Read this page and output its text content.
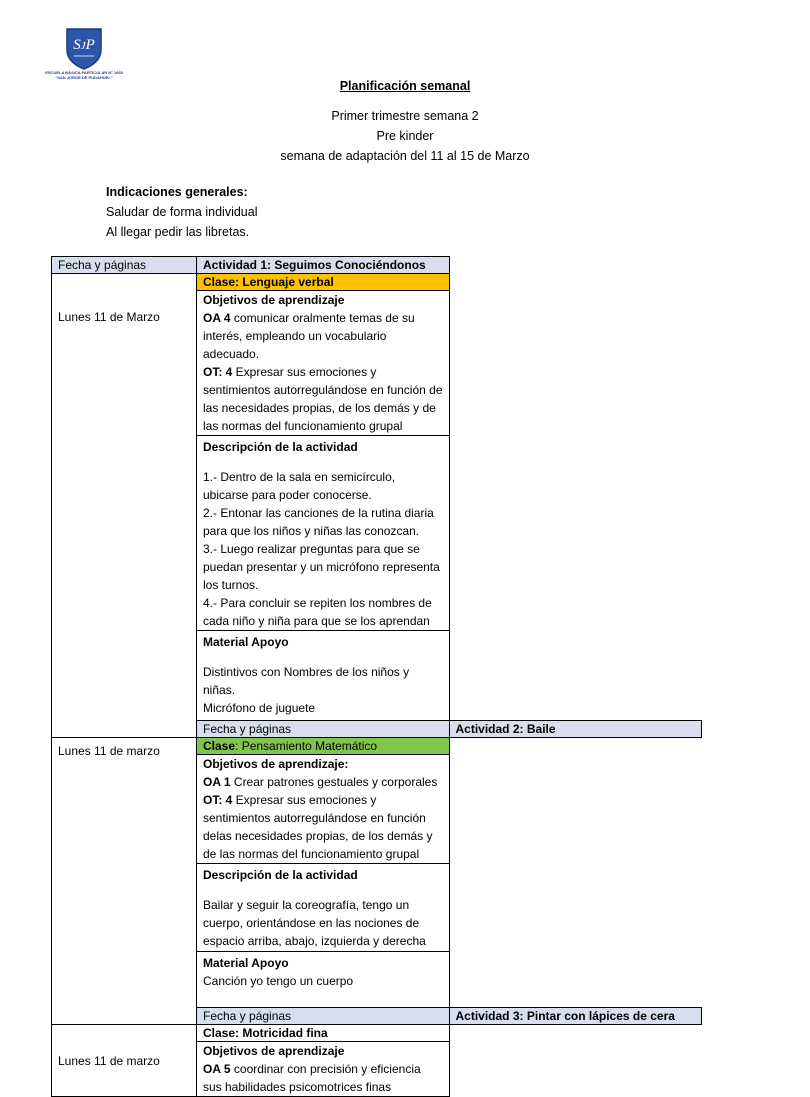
SJP
ESCUELA BÁSICA PARTICULAR Nº 1668
"SAN JORGE DE PUDAHUEL"
Planificación semanal
Primer trimestre semana 2
Pre kinder
semana de adaptación del 11 al 15 de Marzo
Indicaciones generales:
Saludar de forma individual
Al llegar pedir las libretas.
Fecha y páginas	Actividad 1: Seguimos Conociéndonos	
Lunes 11 de Marzo	Clase: Lenguaje verbal	

	Objetivos de aprendizaje

OA 4 comunicar oralmente temas de su interés, empleando un vocabulario adecuado.

OT: 4 Expresar sus emociones y sentimientos autorregulándose en función de

las necesidades propias, de los demás y de las normas del funcionamiento grupal	

	Descripción de la actividad

1.- Dentro de la sala en semicírculo, ubicarse para poder conocerse.

2.- Entonar las canciones de la rutina diaria para que los niños y niñas las conozcan.

3.- Luego realizar preguntas para que se puedan presentar y un micrófono representa los turnos.

4.- Para concluir se repiten los nombres de cada niño y niña para que se los aprendan	

	Material Apoyo

Distintivos con Nombres de los niños y niñas.

Micrófono de juguete	

	Fecha y páginas	Actividad 2: Baile
Lunes 11 de marzo	Clase: Pensamiento Matemático	

	Objetivos de aprendizaje:

OA 1 Crear patrones gestuales y corporales

OT: 4 Expresar sus emociones y sentimientos autorregulándose en función delas necesidades propias, de los demás y de las normas del funcionamiento grupal	

	Descripción de la actividad

Bailar y seguir la coreografía, tengo un cuerpo, orientándose en las nociones de espacio arriba, abajo, izquierda y derecha	

	Material Apoyo

Canción yo tengo un cuerpo	

	Fecha y páginas	Actividad 3: Pintar con lápices de cera
Lunes 11 de marzo	Clase: Motricidad fina	

	Objetivos de aprendizaje

OA 5 coordinar con precisión y eficiencia sus habilidades psicomotrices finas	
